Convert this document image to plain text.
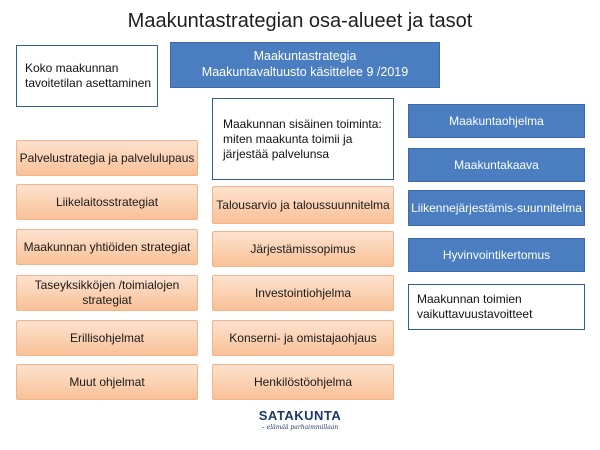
Maakuntastrategian osa-alueet ja tasot
Koko maakunnan tavoitetilan asettaminen
Maakuntastrategia
Maakuntavaltuusto käsittelee 9 /2019
Maakunnan sisäinen toiminta: miten maakunta toimii ja järjestää palvelunsa
Palvelustrategia ja palvelulupaus
Liikelaitosstrategiat
Maakunnan yhtiöiden strategiat
Taseyksikköjen /toimialojen strategiat
Erillisohjelmat
Muut ohjelmat
Talousarvio ja taloussuunnitelma
Järjestämissopimus
Investointiohjelma
Konserni- ja omistajaohjaus
Henkilöstöohjelma
Maakuntaohjelma
Maakuntakaava
Liikennejärjestämis-suunnitelma
Hyvinvointikertomus
Maakunnan toimien vaikuttavuustavoitteet
SATAKUNTA
– elämää parhaimmillaan
